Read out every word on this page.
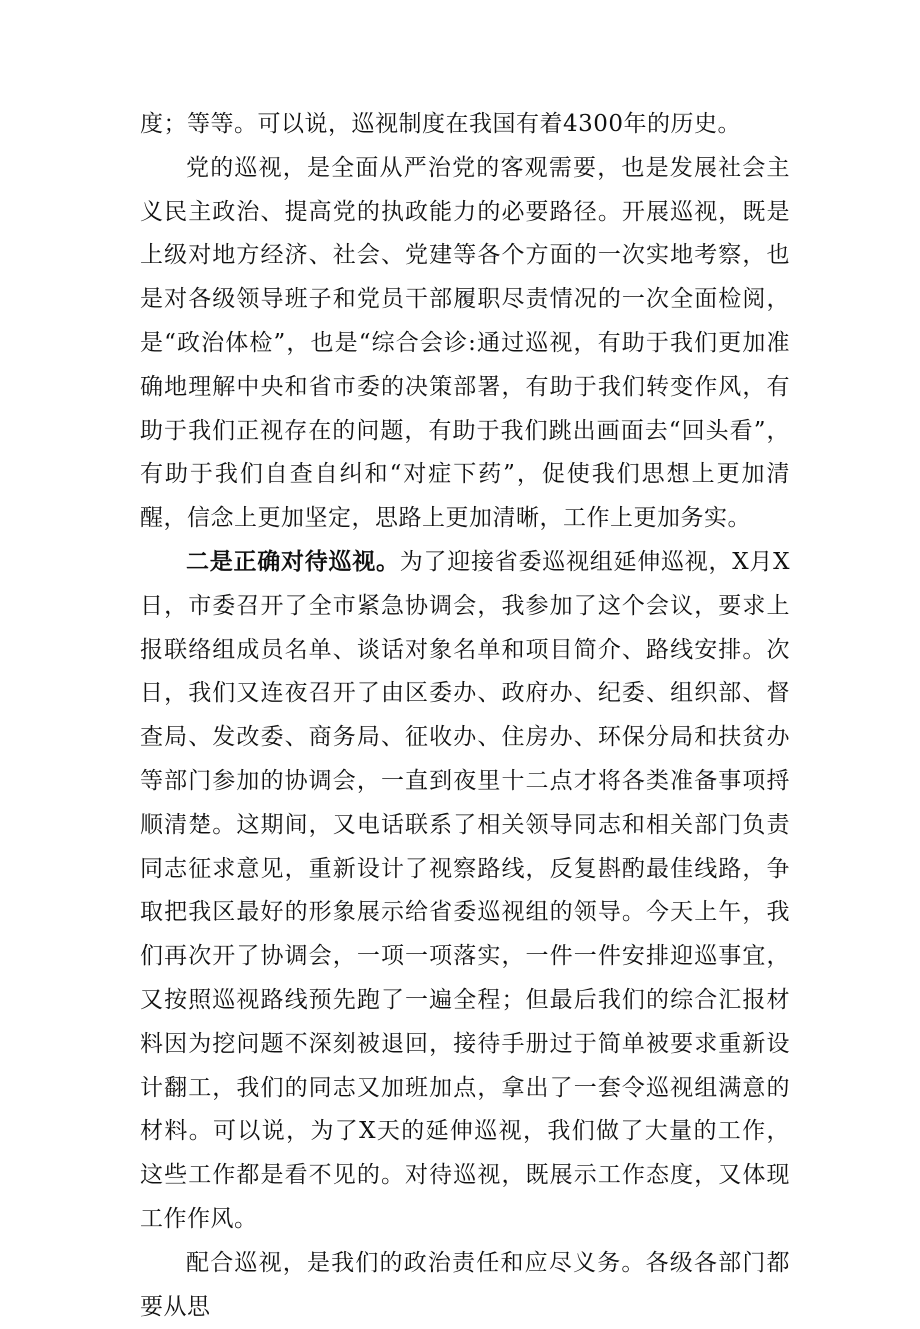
度；等等。可以说，巡视制度在我国有着4300年的历史。

党的巡视，是全面从严治党的客观需要，也是发展社会主义民主政治、提高党的执政能力的必要路径。开展巡视，既是上级对地方经济、社会、党建等各个方面的一次实地考察，也是对各级领导班子和党员干部履职尽责情况的一次全面检阅，是“政治体检”，也是“综合会诊:通过巡视，有助于我们更加准确地理解中央和省市委的决策部署，有助于我们转变作风，有助于我们正视存在的问题，有助于我们跳出画面去“回头看”，有助于我们自查自纠和“对症下药”，促使我们思想上更加清醒，信念上更加坚定，思路上更加清晰，工作上更加务实。

二是正确对待巡视。为了迎接省委巡视组延伸巡视，X月X日，市委召开了全市紧急协调会，我参加了这个会议，要求上报联络组成员名单、谈话对象名单和项目简介、路线安排。次日，我们又连夜召开了由区委办、政府办、纪委、组织部、督查局、发改委、商务局、征收办、住房办、环保分局和扶贫办等部门参加的协调会，一直到夜里十二点才将各类准备事项捋顺清楚。这期间，又电话联系了相关领导同志和相关部门负责同志征求意见，重新设计了视察路线，反复斟酌最佳线路，争取把我区最好的形象展示给省委巡视组的领导。今天上午，我们再次开了协调会，一项一项落实，一件一件安排迎巡事宜，又按照巡视路线预先跑了一遍全程；但最后我们的综合汇报材料因为挖问题不深刻被退回，接待手册过于简单被要求重新设计翻工，我们的同志又加班加点，拿出了一套令巡视组满意的材料。可以说，为了X天的延伸巡视，我们做了大量的工作，这些工作都是看不见的。对待巡视，既展示工作态度，又体现工作作风。

配合巡视，是我们的政治责任和应尽义务。各级各部门都要从思
